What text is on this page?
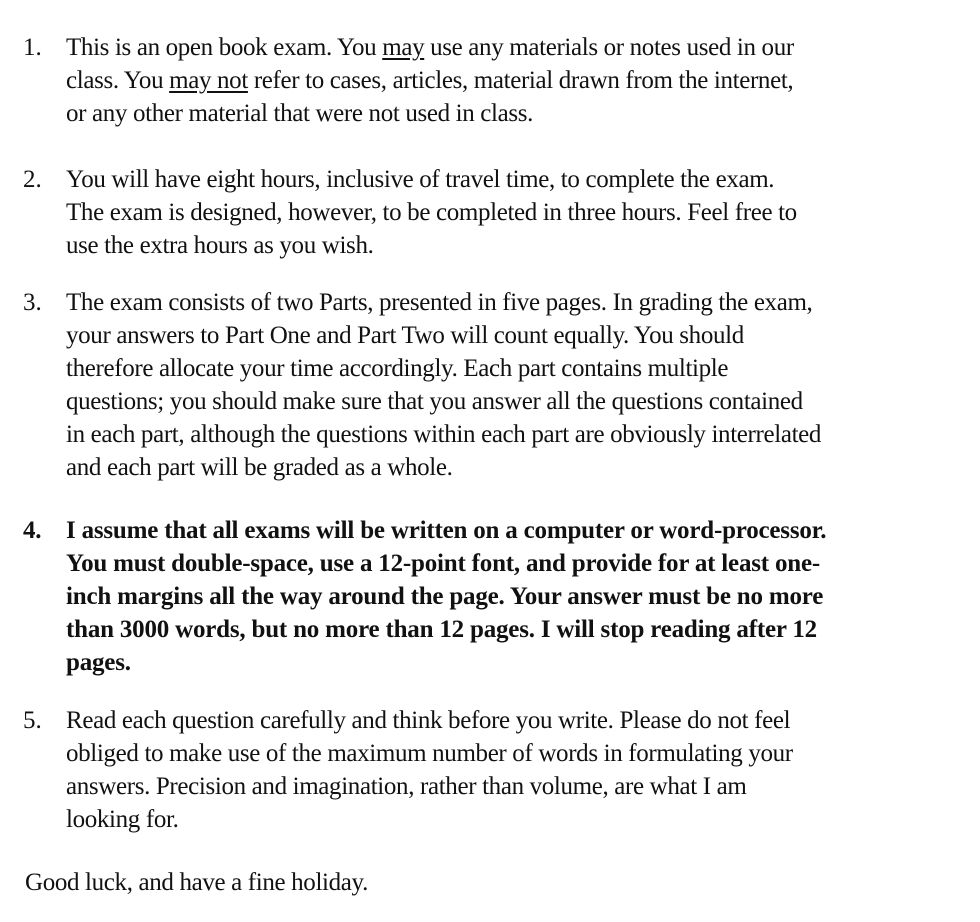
1. This is an open book exam. You may use any materials or notes used in our
class. You may not refer to cases, articles, material drawn from the internet,
or any other material that were not used in class.
2. You will have eight hours, inclusive of travel time, to complete the exam.
The exam is designed, however, to be completed in three hours. Feel free to
use the extra hours as you wish.
3. The exam consists of two Parts, presented in five pages. In grading the exam,
your answers to Part One and Part Two will count equally. You should
therefore allocate your time accordingly. Each part contains multiple
questions; you should make sure that you answer all the questions contained
in each part, although the questions within each part are obviously interrelated
and each part will be graded as a whole.
4. I assume that all exams will be written on a computer or word-processor.
You must double-space, use a 12-point font, and provide for at least one-
inch margins all the way around the page. Your answer must be no more
than 3000 words, but no more than 12 pages. I will stop reading after 12
pages.
5. Read each question carefully and think before you write. Please do not feel
obliged to make use of the maximum number of words in formulating your
answers. Precision and imagination, rather than volume, are what I am
looking for.
Good luck, and have a fine holiday.
